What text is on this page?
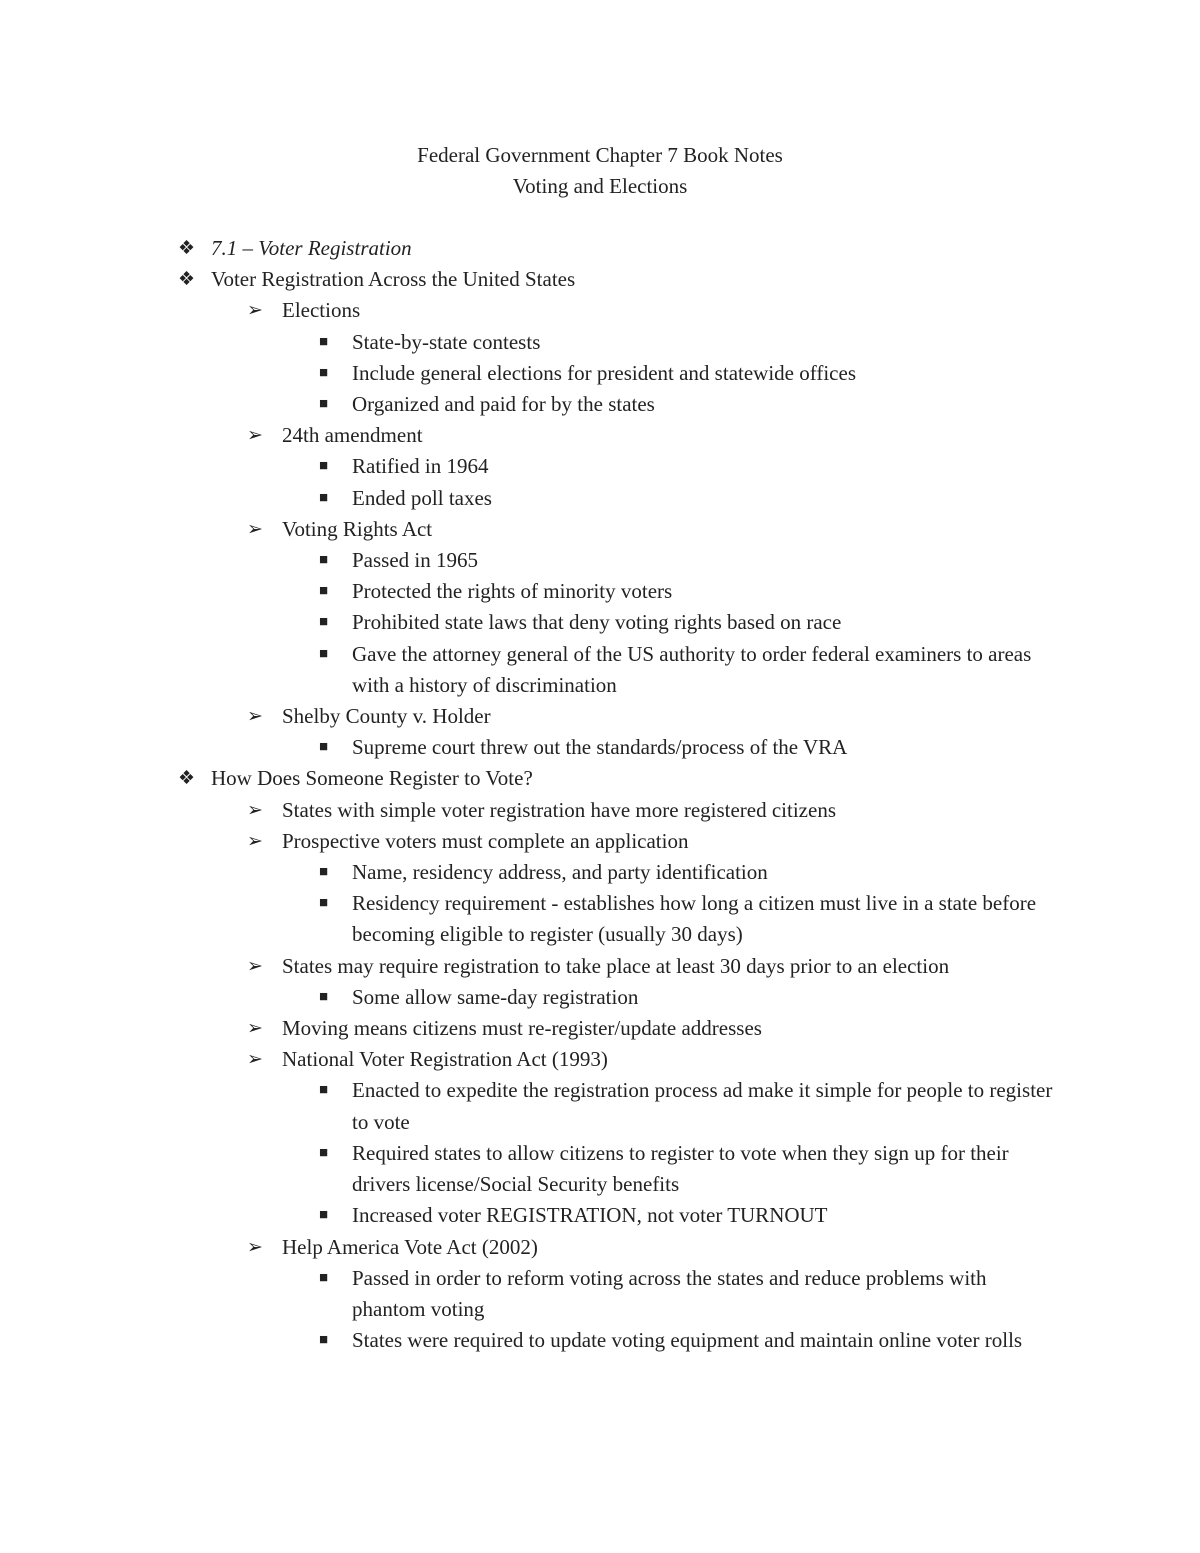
Federal Government Chapter 7 Book Notes
Voting and Elections
❖ 7.1 – Voter Registration
❖ Voter Registration Across the United States
➢ Elections
■	State-by-state contests
■	Include general elections for president and statewide offices
■	Organized and paid for by the states
➢ 24th amendment
■	Ratified in 1964
■	Ended poll taxes
➢ Voting Rights Act
■	Passed in 1965
■	Protected the rights of minority voters
■	Prohibited state laws that deny voting rights based on race
■	Gave the attorney general of the US authority to order federal examiners to areas with a history of discrimination
➢ Shelby County v. Holder
■	Supreme court threw out the standards/process of the VRA
❖ How Does Someone Register to Vote?
➢ States with simple voter registration have more registered citizens
➢ Prospective voters must complete an application
■	Name, residency address, and party identification
■	Residency requirement - establishes how long a citizen must live in a state before becoming eligible to register (usually 30 days)
➢ States may require registration to take place at least 30 days prior to an election
■	Some allow same-day registration
➢ Moving means citizens must re-register/update addresses
➢ National Voter Registration Act (1993)
■	Enacted to expedite the registration process ad make it simple for people to register to vote
■	Required states to allow citizens to register to vote when they sign up for their drivers license/Social Security benefits
■	Increased voter REGISTRATION, not voter TURNOUT
➢ Help America Vote Act (2002)
■	Passed in order to reform voting across the states and reduce problems with phantom voting
■	States were required to update voting equipment and maintain online voter rolls
